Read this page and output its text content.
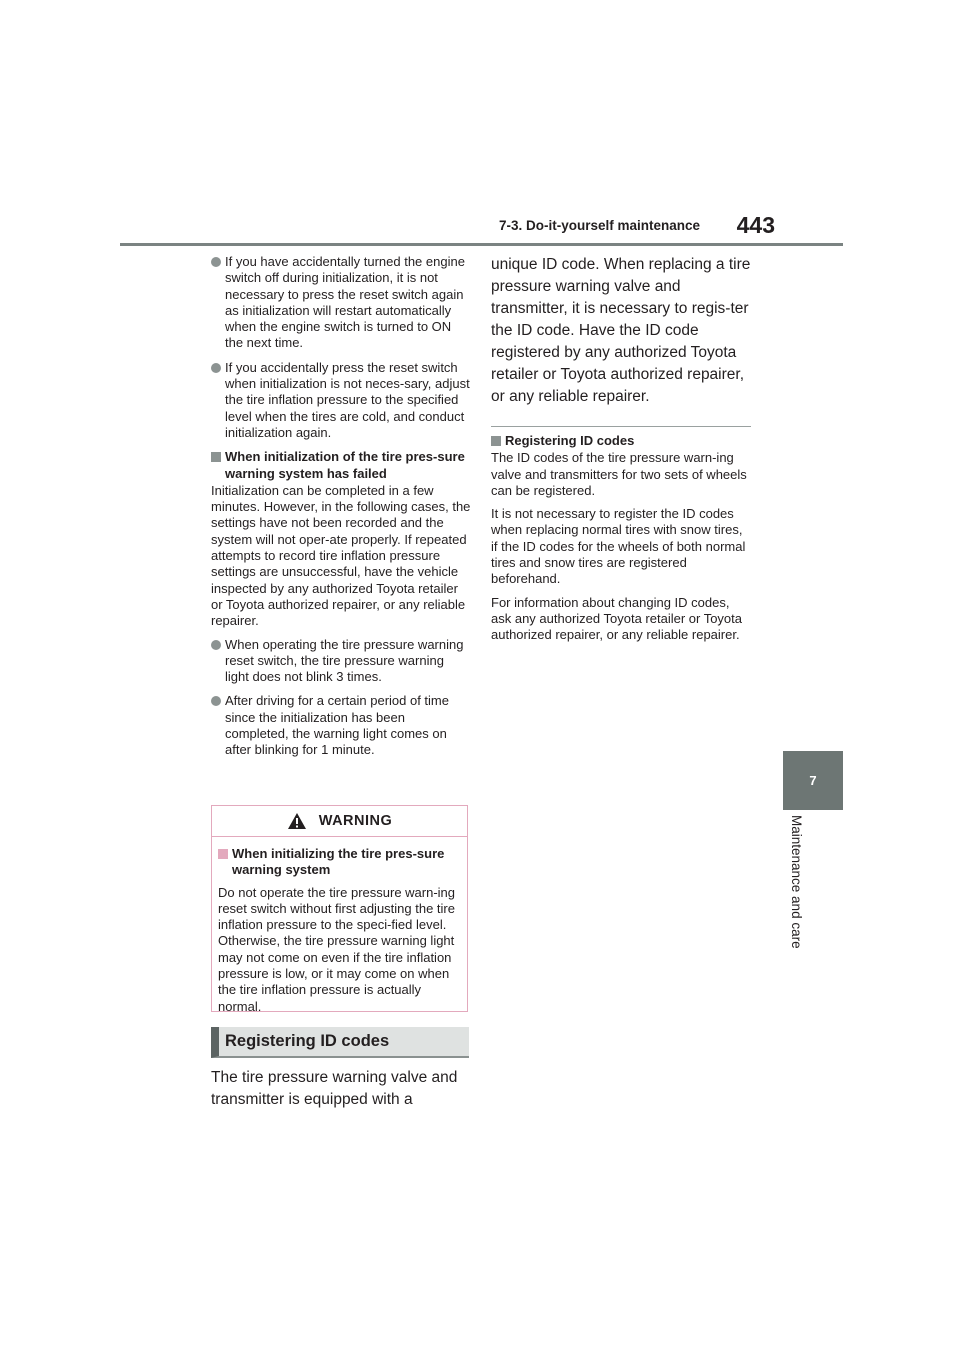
7-3. Do-it-yourself maintenance	443
7
Maintenance and care
If you have accidentally turned the engine switch off during initialization, it is not necessary to press the reset switch again as initialization will restart automatically when the engine switch is turned to ON the next time.
If you accidentally press the reset switch when initialization is not neces-sary, adjust the tire inflation pressure to the specified level when the tires are cold, and conduct initialization again.
When initialization of the tire pres-sure warning system has failed
Initialization can be completed in a few minutes. However, in the following cases, the settings have not been recorded and the system will not oper-ate properly. If repeated attempts to record tire inflation pressure settings are unsuccessful, have the vehicle inspected by any authorized Toyota retailer or Toyota authorized repairer, or any reliable repairer.
When operating the tire pressure warning reset switch, the tire pressure warning light does not blink 3 times.
After driving for a certain period of time since the initialization has been completed, the warning light comes on after blinking for 1 minute.
WARNING
When initializing the tire pres-sure warning system
Do not operate the tire pressure warn-ing reset switch without first adjusting the tire inflation pressure to the speci-fied level. Otherwise, the tire pressure warning light may not come on even if the tire inflation pressure is low, or it may come on when the tire inflation pressure is actually normal.
Registering ID codes
The tire pressure warning valve and transmitter is equipped with a
unique ID code. When replacing a tire pressure warning valve and transmitter, it is necessary to regis-ter the ID code. Have the ID code registered by any authorized Toyota retailer or Toyota authorized repairer, or any reliable repairer.
Registering ID codes
The ID codes of the tire pressure warn-ing valve and transmitters for two sets of wheels can be registered.
It is not necessary to register the ID codes when replacing normal tires with snow tires, if the ID codes for the wheels of both normal tires and snow tires are registered beforehand.
For information about changing ID codes, ask any authorized Toyota retailer or Toyota authorized repairer, or any reliable repairer.
